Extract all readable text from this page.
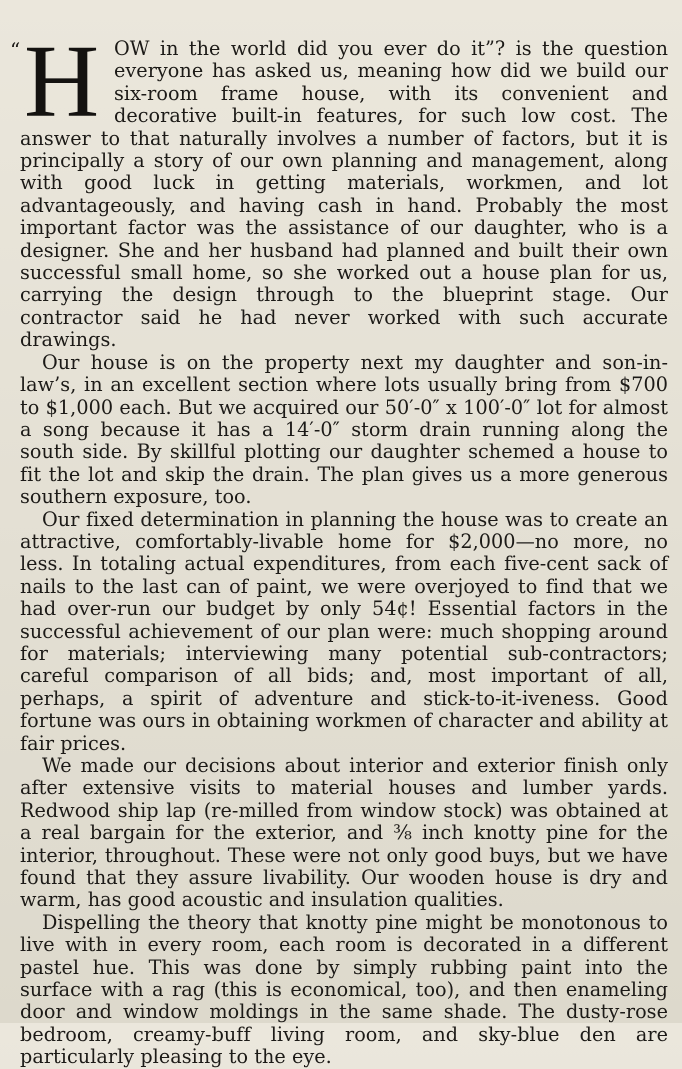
“ H OW in the world did you ever do it”? is the question everyone has asked us, meaning how did we build our six-room frame house, with its convenient and decorative built-in features, for such low cost. The answer to that naturally involves a number of factors, but it is principally a story of our own planning and management, along with good luck in getting materials, workmen, and lot advantageously, and having cash in hand. Probably the most important factor was the assistance of our daughter, who is a designer. She and her husband had planned and built their own successful small home, so she worked out a house plan for us, carrying the design through to the blueprint stage. Our contractor said he had never worked with such accurate drawings.

Our house is on the property next my daughter and son-in-law’s, in an excellent section where lots usually bring from $700 to $1,000 each. But we acquired our 50′-0″ x 100′-0″ lot for almost a song because it has a 14′-0″ storm drain running along the south side. By skillful plotting our daughter schemed a house to fit the lot and skip the drain. The plan gives us a more generous southern exposure, too.

Our fixed determination in planning the house was to create an attractive, comfortably-livable home for $2,000—no more, no less. In totaling actual expenditures, from each five-cent sack of nails to the last can of paint, we were overjoyed to find that we had over-run our budget by only 54¢! Essential factors in the successful achievement of our plan were: much shopping around for materials; interviewing many potential sub-contractors; careful comparison of all bids; and, most important of all, perhaps, a spirit of adventure and stick-to-it-iveness. Good fortune was ours in obtaining workmen of character and ability at fair prices.

We made our decisions about interior and exterior finish only after extensive visits to material houses and lumber yards. Redwood ship lap (re-milled from window stock) was obtained at a real bargain for the exterior, and ⅜ inch knotty pine for the interior, throughout. These were not only good buys, but we have found that they assure livability. Our wooden house is dry and warm, has good acoustic and insulation qualities.

Dispelling the theory that knotty pine might be monotonous to live with in every room, each room is decorated in a different pastel hue. This was done by simply rubbing paint into the surface with a rag (this is economical, too), and then enameling door and window moldings in the same shade. The dusty-rose bedroom, creamy-buff living room, and sky-blue den are particularly pleasing to the eye.
